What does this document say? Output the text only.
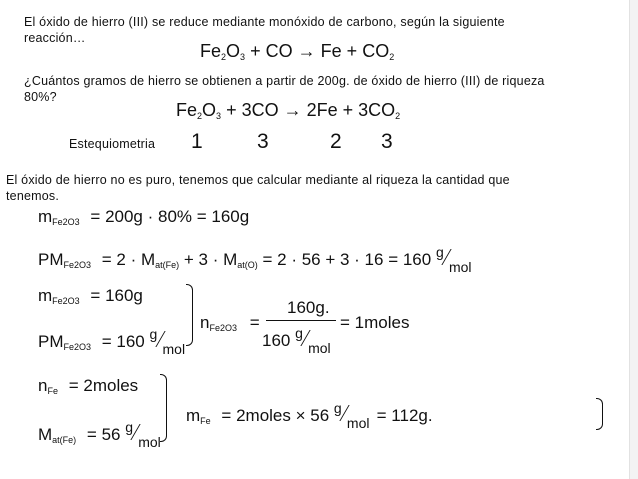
El óxido de hierro (III) se reduce mediante monóxido de carbono, según la siguiente
reacción…
$Fe_2O_3$ + CO → $Fe + CO_2$
¿Cuántos gramos de hierro se obtienen a partir de 200g. de óxido de hierro (III) de riqueza
80%?
$Fe_2O_3 + 3CO \to 2Fe + 3CO_2$
Estequiometria 1	3	2 3
El óxido de hierro no es puro, tenemos que calcular mediante al riqueza la cantidad que
tenemos.
$m_{Fe2O3} = 200g \cdot 80\% = 160g$
$PM_{Fe2O3} = 2 \cdot M_{at(Fe)} + 3 \cdot M_{at(O)} = 2 \cdot 56 + 3 \cdot 16 = 160$ g
mol
$m_{Fe2O3} = 160g$
$PM_{Fe2O3} = 160$ g
mol
$n_{Fe2O3}$ =
160g.
160 g
mol
= 1moles
$n_{Fe}$ = 2moles
$M_{at(Fe)} = 56$ g
mol
$m_{Fe}$ = 2moles × 56 g
mol = 112g.
